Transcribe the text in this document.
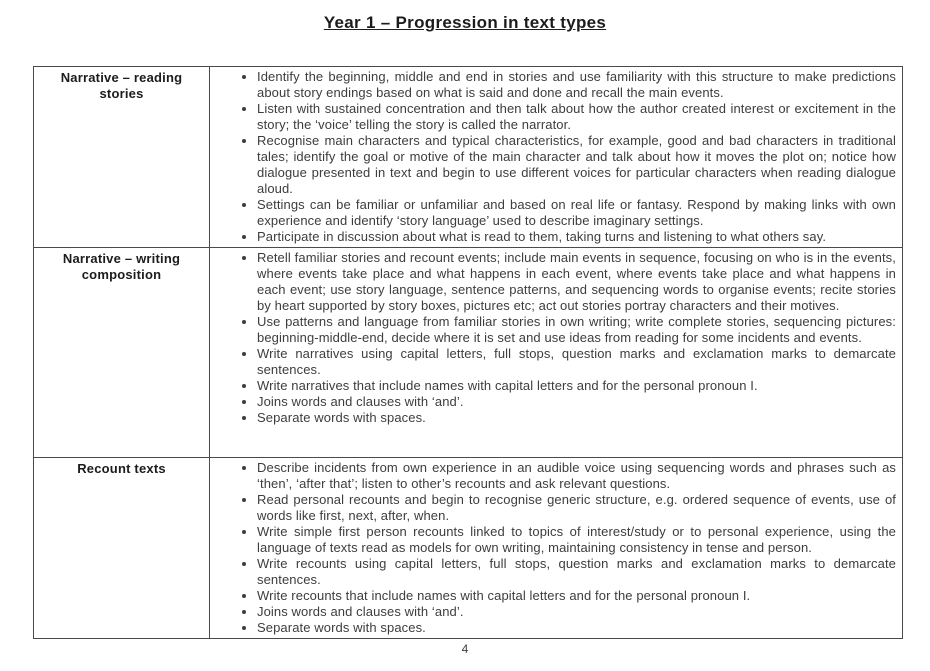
Year 1 – Progression in text types
Narrative – reading stories
• Identify the beginning, middle and end in stories and use familiarity with this structure to make predictions about story endings based on what is said and done and recall the main events.
• Listen with sustained concentration and then talk about how the author created interest or excitement in the story; the ‘voice’ telling the story is called the narrator.
• Recognise main characters and typical characteristics, for example, good and bad characters in traditional tales; identify the goal or motive of the main character and talk about how it moves the plot on; notice how dialogue presented in text and begin to use different voices for particular characters when reading dialogue aloud.
• Settings can be familiar or unfamiliar and based on real life or fantasy. Respond by making links with own experience and identify ‘story language’ used to describe imaginary settings.
• Participate in discussion about what is read to them, taking turns and listening to what others say.
Narrative – writing composition
• Retell familiar stories and recount events; include main events in sequence, focusing on who is in the events, where events take place and what happens in each event, where events take place and what happens in each event; use story language, sentence patterns, and sequencing words to organise events; recite stories by heart supported by story boxes, pictures etc; act out stories portray characters and their motives.
• Use patterns and language from familiar stories in own writing; write complete stories, sequencing pictures: beginning-middle-end, decide where it is set and use ideas from reading for some incidents and events.
• Write narratives using capital letters, full stops, question marks and exclamation marks to demarcate sentences.
• Write narratives that include names with capital letters and for the personal pronoun I.
• Joins words and clauses with ‘and’.
• Separate words with spaces.
Recount texts	• Describe incidents from own experience in an audible voice using sequencing words and phrases such as ‘then’, ‘after that’; listen to other’s recounts and ask relevant questions.
• Read personal recounts and begin to recognise generic structure, e.g. ordered sequence of events, use of words like first, next, after, when.
• Write simple first person recounts linked to topics of interest/study or to personal experience, using the language of texts read as models for own writing, maintaining consistency in tense and person.
• Write recounts using capital letters, full stops, question marks and exclamation marks to demarcate sentences.
• Write recounts that include names with capital letters and for the personal pronoun I.
• Joins words and clauses with ‘and’.
• Separate words with spaces.
4
